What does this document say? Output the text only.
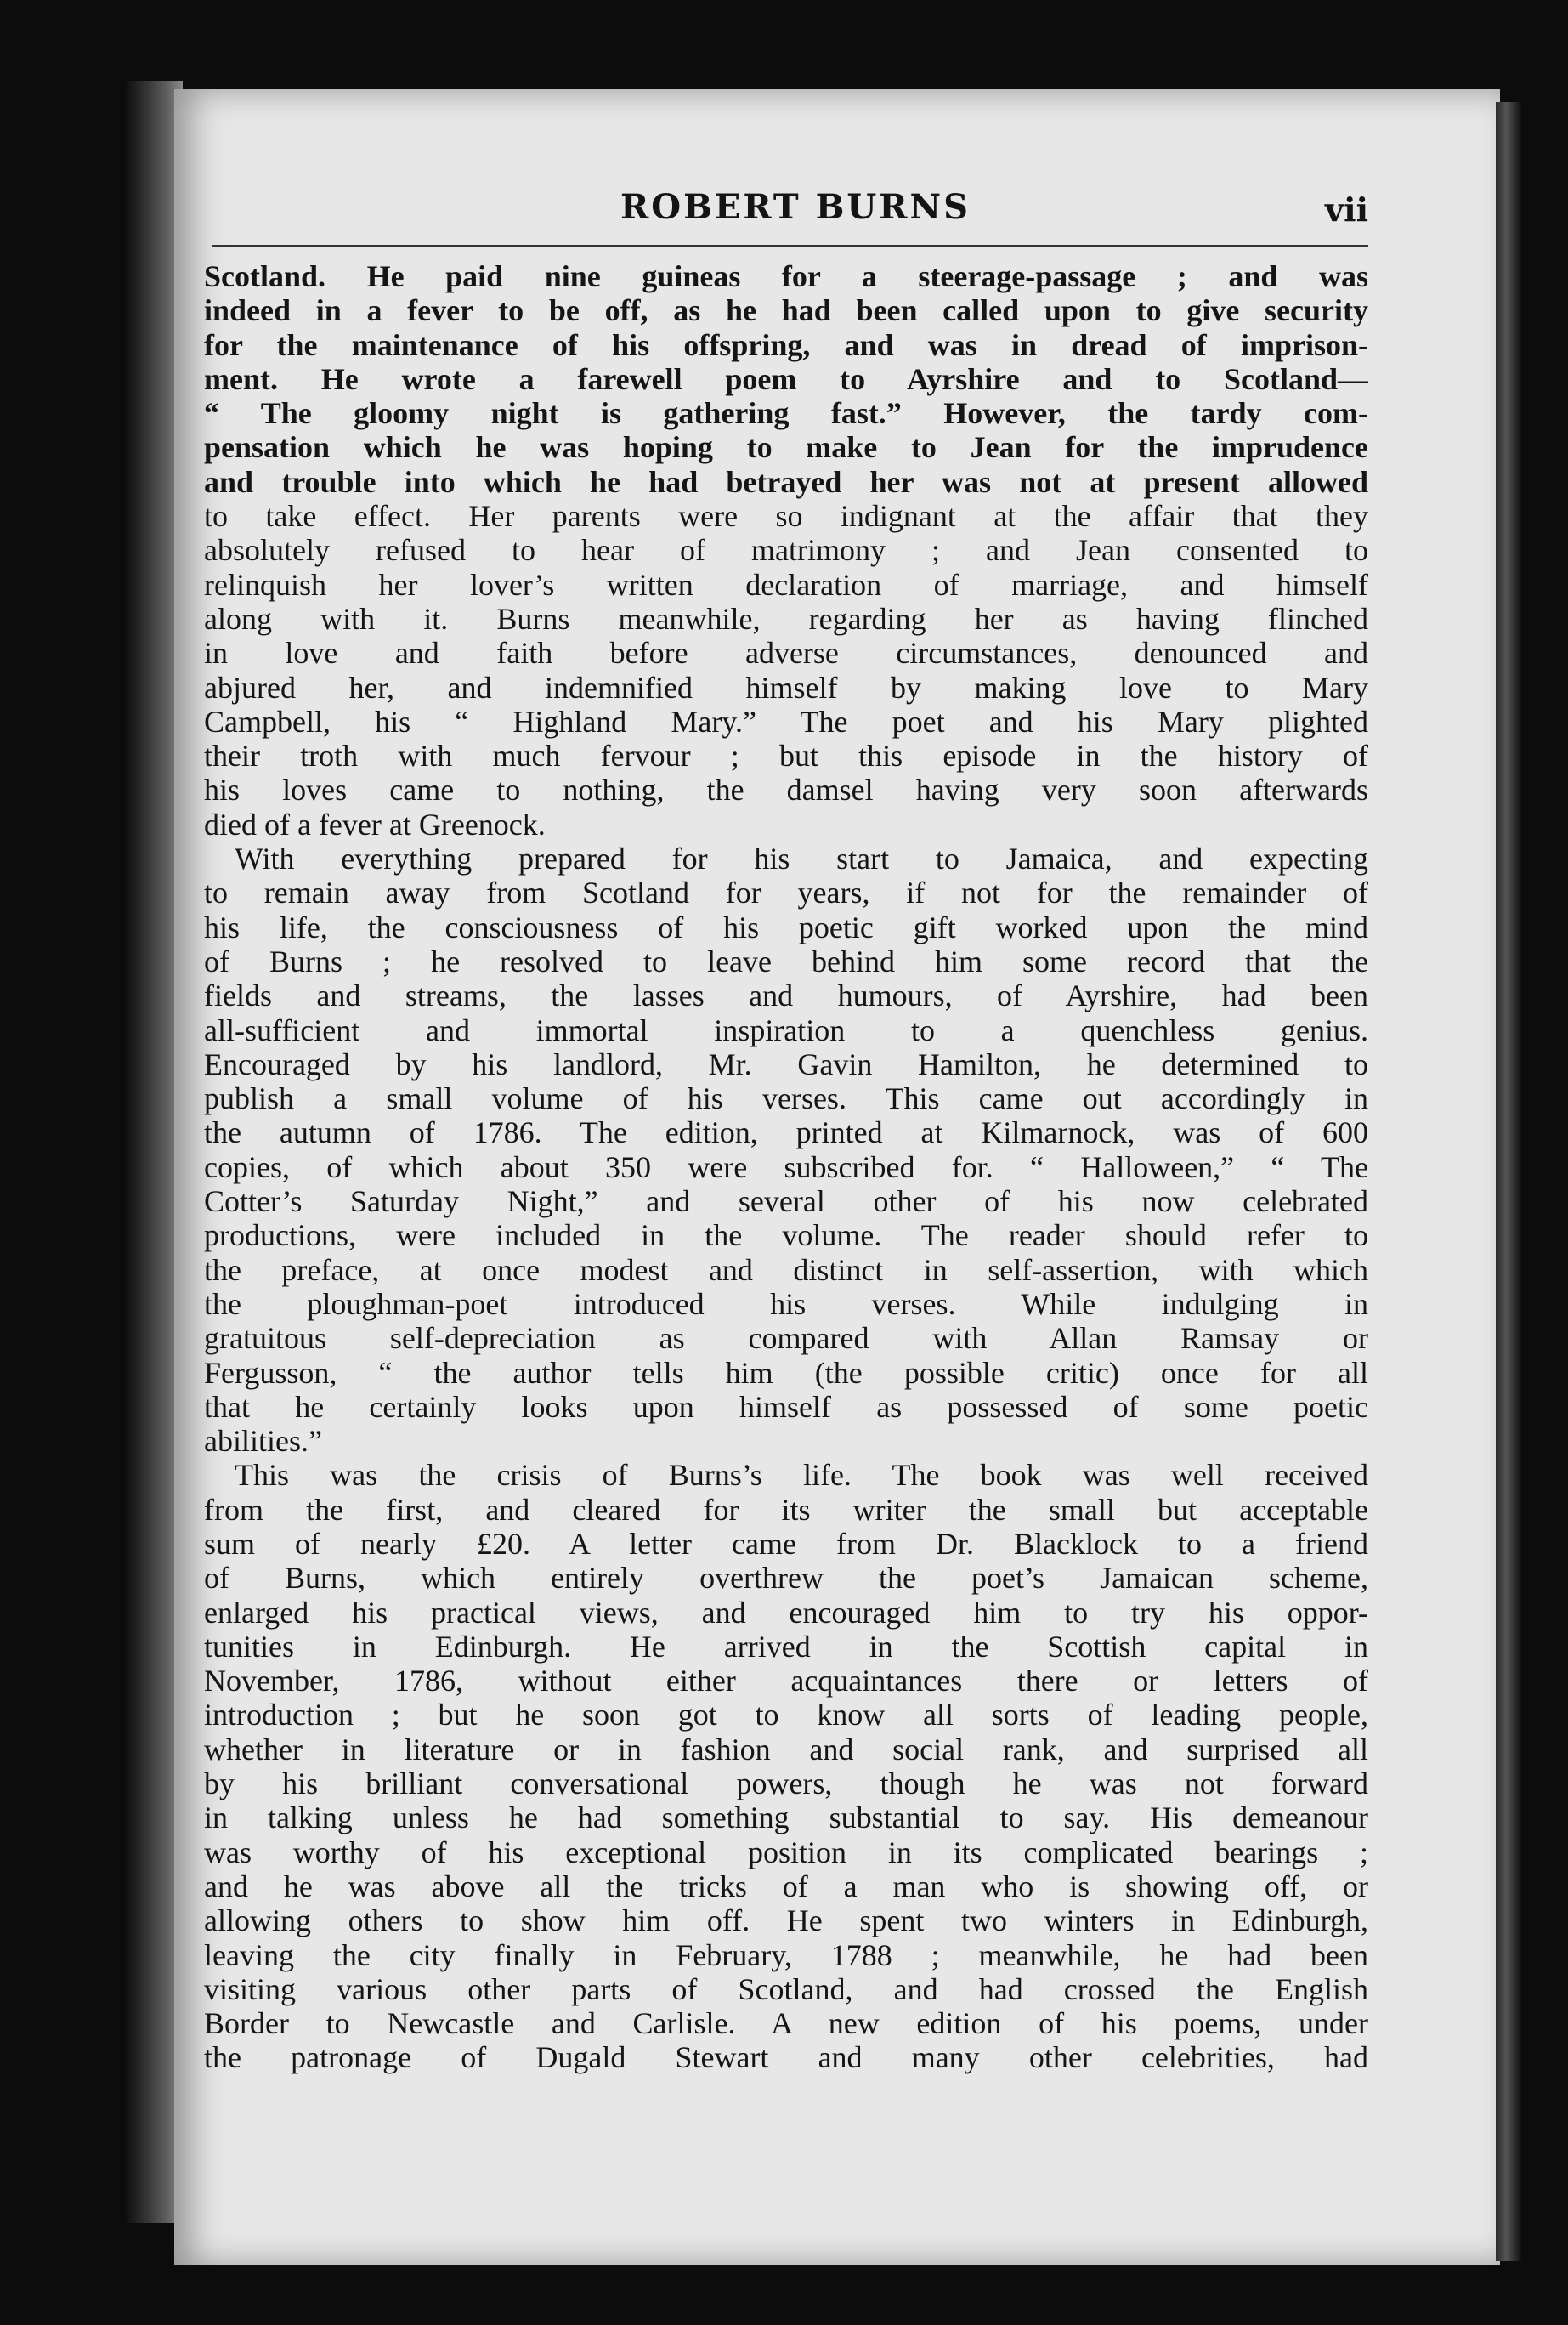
ROBERT BURNS	vii
Scotland. He paid nine guineas for a steerage-passage ; and was
indeed in a fever to be off, as he had been called upon to give security
for the maintenance of his offspring, and was in dread of imprison-
ment. He wrote a farewell poem to Ayrshire and to Scotland—
“ The gloomy night is gathering fast.” However, the tardy com-
pensation which he was hoping to make to Jean for the imprudence
and trouble into which he had betrayed her was not at present allowed
to take effect. Her parents were so indignant at the affair that they
absolutely refused to hear of matrimony ; and Jean consented to
relinquish her lover’s written declaration of marriage, and himself
along with it. Burns meanwhile, regarding her as having flinched
in love and faith before adverse circumstances, denounced and
abjured her, and indemnified himself by making love to Mary
Campbell, his “ Highland Mary.” The poet and his Mary plighted
their troth with much fervour ; but this episode in the history of
his loves came to nothing, the damsel having very soon afterwards
died of a fever at Greenock.
With everything prepared for his start to Jamaica, and expecting
to remain away from Scotland for years, if not for the remainder of
his life, the consciousness of his poetic gift worked upon the mind
of Burns ; he resolved to leave behind him some record that the
fields and streams, the lasses and humours, of Ayrshire, had been
all-sufficient and immortal inspiration to a quenchless genius.
Encouraged by his landlord, Mr. Gavin Hamilton, he determined to
publish a small volume of his verses. This came out accordingly in
the autumn of 1786. The edition, printed at Kilmarnock, was of 600
copies, of which about 350 were subscribed for. “ Halloween,” “ The
Cotter’s Saturday Night,” and several other of his now celebrated
productions, were included in the volume. The reader should refer to
the preface, at once modest and distinct in self-assertion, with which
the ploughman-poet introduced his verses. While indulging in
gratuitous self-depreciation as compared with Allan Ramsay or
Fergusson, “ the author tells him (the possible critic) once for all
that he certainly looks upon himself as possessed of some poetic
abilities.”
This was the crisis of Burns’s life. The book was well received
from the first, and cleared for its writer the small but acceptable
sum of nearly £20. A letter came from Dr. Blacklock to a friend
of Burns, which entirely overthrew the poet’s Jamaican scheme,
enlarged his practical views, and encouraged him to try his oppor-
tunities in Edinburgh. He arrived in the Scottish capital in
November, 1786, without either acquaintances there or letters of
introduction ; but he soon got to know all sorts of leading people,
whether in literature or in fashion and social rank, and surprised all
by his brilliant conversational powers, though he was not forward
in talking unless he had something substantial to say. His demeanour
was worthy of his exceptional position in its complicated bearings ;
and he was above all the tricks of a man who is showing off, or
allowing others to show him off. He spent two winters in Edinburgh,
leaving the city finally in February, 1788 ; meanwhile, he had been
visiting various other parts of Scotland, and had crossed the English
Border to Newcastle and Carlisle. A new edition of his poems, under
the patronage of Dugald Stewart and many other celebrities, had
